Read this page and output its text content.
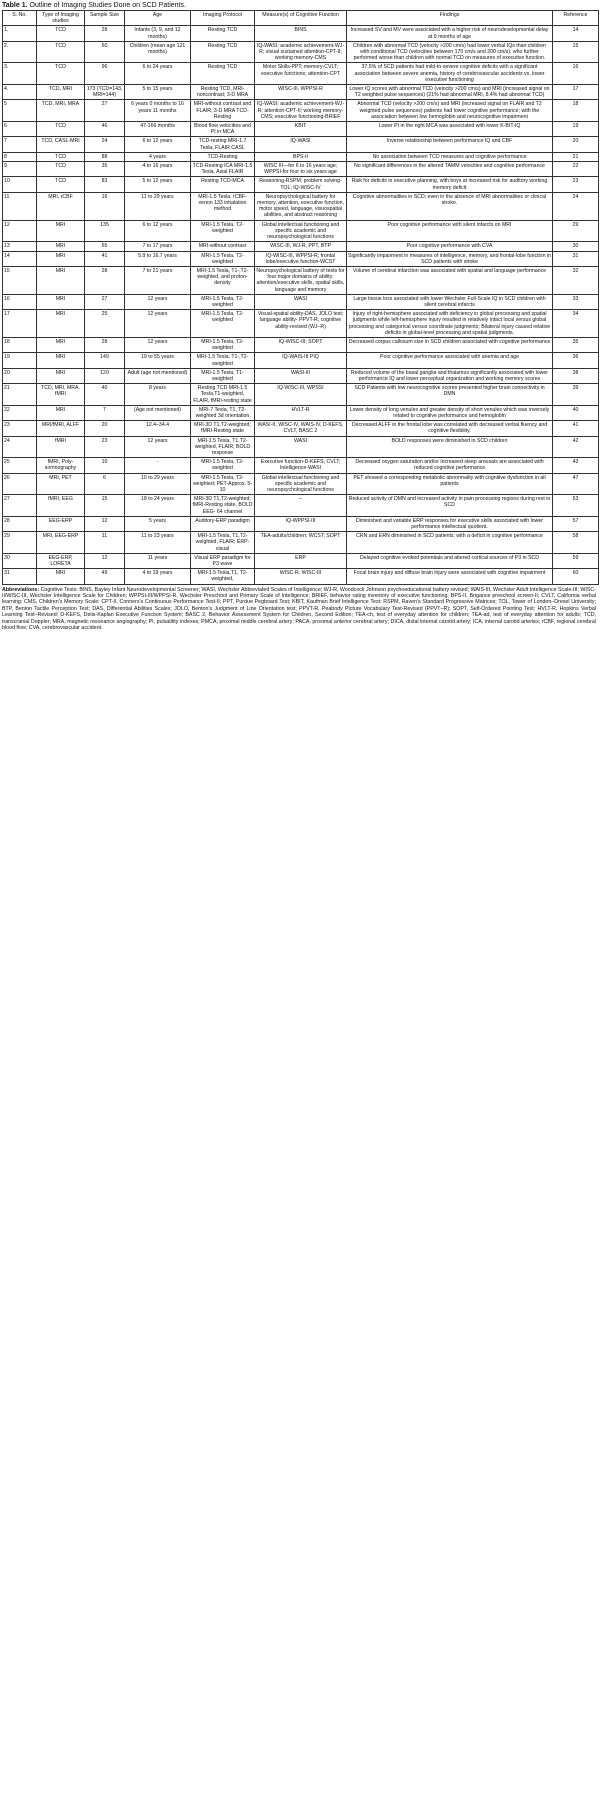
Table 1. Outline of Imaging Studies Done on SCD Patients.
S. No.	Type of Imaging studies	Sample Size	Age	Imaging Protocol	Measure(s) of Cognitive Function	Findings	Reference
1.	TCD	28	Infants (3, 9, and 12 months)	Resting TCD	BINS	Increased SV and MV were associated with a higher risk of neurodevelopmental delay at 9 months of age	14
2.	TCD	60	Children (mean age 121 months)	Resting TCD	IQ-WASI; academic achievement-WJ-R; visual sustained attention-CPT-II; working memory-CMS	Children with abnormal TCD (velocity >200 cm/s) had lower verbal IQs than children with conditional TCD (velocities between 170 cm/s and 200 cm/s), who further performed worse than children with normal TCD on measures of executive function.	15
3.	TCD	96	6 to 24 years	Resting TCD	Motor Skills-PPT; memory-CVLT; executive functions; attention-CPT	37.5% of SCD patients had mild-to-severe cognitive deficits with a significant association between severe anemia, history of cerebrovascular accidents vs. lower executive functioning	16
4.	TCD, MRI	173 (TCD=143, MRI=144)	5 to 15 years	Resting TCD, MRI-noncontrast; 3-D MRA	WISC-III, WPPSI-R	Lower IQ scores with abnormal TCD (velocity >200 cm/s) and MRI (increased signal on T2 weighted pulse sequences) (21% had abnormal MRI, 8.4% had abnormal TCD)	17
5	TCD, MRI, MRA	27	6 years 0 months to 16 years 11 months	MRI-without contrast and FLAIR, 3-D MRA TCD-Resting	IQ-WASI; academic achievement-WJ-R; attention-CPT-II; working memory-CMS; executive functioning-BRIEF	Abnormal TCD (velocity >200 cm/s) and MRI (increased signal on FLAIR and T2 weighted pulse sequences) patients had lower cognitive performance; with the association between low hemoglobin and neurocognitive impairment	18
6	TCD	46	47-166 months	Blood flow velocities and PI in MCA	KBIT	Lower PI in the right MCA was associated with lower K-BIT-IQ	19
7	TCD, CASL-MRI	24	6 to 12 years	TCD-resting MRI-1.7 Tesla, FLAIR CASL	IQ-WASI	Inverse relationship between performance IQ and CBF	20
8	TCD	88	4 years	TCD-Resting	BPS-II	No association between TCD measures and cognitive performance	21
9	TCD	35	4 to 16 years	TCD-Resting ICA MRI-1.5 Tesla, Axial FLAIR	WISC III—for 6 to 16 years age; WPPSI-for four to six years age	No significant differences in the altered TAMM velocities and cognitive performance	22
10	TCD	83	5 to 12 years	Resting TCD-MCA	Reasoning-RSPM; problem solving-TOL; IQ-WISC-IV	Risk for deficits in executive planning, with boys at increased risk for auditory working memory deficit	23
11	MRI, rCBF	16	11 to 29 years	MRI-1.5 Tesla, rCBF-xenon 133 inhalation method	Neuropsychological battery for memory, attention, executive function, motor speed, language, visuospatial abilities, and abstract reasoning	Cognitive abnormalities in SCD; even in the absence of MRI abnormalities or clinical stroke.	24
12	MRI	135	6 to 12 years	MRI-1.5 Tesla, T2-weighted	Global intellectual functioning and specific academic and neuropsychological functions	Poor cognitive performance with silent infarcts on MRI	29
13	MRI	65	7 to 17 years	MRI-without contrast	WISC-III, WJ-R, PPT, BTP	Poor cognitive performance with CVA	30
14	MRI	41	5.9 to 16.7 years	MRI-1.5 Tesla, T2-weighted	IQ-WISC-III, WPPSI-R; frontal lobe/executive function-WCST	Significantly impairment in measures of intelligence, memory, and frontal-lobe function in SCD patients with stroke	31
15	MRI	28	7 to 21 years	MRI-1.5 Tesla, T1-,T2-weighted, and proton-density	Neuropsychological battery of tests for four major domains of ability: attention/executive skills, spatial skills, language and memory	Volume of cerebral infarction was associated with spatial and language performance	32
16	MRI	27	12 years	MRI-1.5 Tesla, T2-weighted	WASI	Large tissue loss associated with lower Wechsler Full-Scale IQ in SCD children with silent cerebral infarcts	33
17	MRI	25	12 years	MRI-1.5 Tesla, T2-weighted	Visual-spatial ability-DAS, JOLO test; language ability- PPVT-R; cognitive ability-revised (WJ–R)	Injury of right-hemisphere associated with deficiency in global processing and spatial judgments while left-hemisphere injury resulted in relatively intact local versus global processing and categorical versus coordinate judgments; Bilateral injury caused relative deficits in global-level processing and spatial judgments.	34
18	MRI	28	12 years	MRI-1.5 Tesla, T2-weighted	IQ-WISC-III; SOPT	Decreased corpus callosum size in SCD children associated with cognitive performance	35
19	MRI	149	19 to 55 years	MRI-1.5 Tesla, T1-,T2-weighted	IQ-WAIS-III PIQ	Poor cognitive performance associated with anemia and age	36
20	MRI	120	Adult (age not mentioned)	MRI-1.5 Tesla, T1-weighted	WASI-III	Reduced volume of the basal ganglia and thalamus significantly associated with lower performance IQ and lower perceptual organization and working memory scores	38
21	TCD, MRI, MRA, fMRI	40	8 years	Resting TCD MRI-1.5 Tesla,T1-weighted, FLAIR, fMRI-resting state	IQ-WISC-III, WPSSI	SCD Patients with low neurocognitive scores presented higher brain connectivity in DMN	39
22	MRI	7	(Age not mentioned)	MRI-7 Tesla, T1, T2-weighted 3d orientation	HVLT-R	Lower density of long venules and greater density of short venules which was inversely related to cognitive performance and hemoglobin	40
23	MRI/fMRI, ALFF	20	12.4–34.4	MRI-3D T1,T2-weighted; fMRI-Resting state	WASI-II, WISC-IV, WAIS-IV, D-KEFS, CVLT, BASC 2	Decreased ALFF in the frontal lobe was correlated with decreased verbal fluency and cognitive flexibility.	41
24	fMRI	23	12 years	MRI-1.5 Tesla, T1,T2-weighted, FLAIR; BOLD response	WASI	BOLD responses were diminished in SCD children	42
25	fMRI, Poly-somnography	10	-	MRI-1.5 Tesla, T2-weighted	Executive function-D-KEFS, CVLT; Intelligence-WASI	Decreased oxygen saturation and/or increased sleep arousals are associated with reduced cognitive performance	43
26	MRI, PET	6	10 to 29 years	MRI-1.5 Tesla, T2-weighted; PET-Approx. 5-10	Global intellectual functioning and specific academic and neuropsychological functions	PET showed a corresponding metabolic abnormality with cognitive dysfunction in all patients	47
27	fMRI, EEG	15	18 to 24 years	MRI-3D T1,T2-weighted; fMRI-Resting state, BOLD EEG- 64 channel	–	Reduced activity of DMN and increased activity in pain processing regions during rest in SCD	53
28	EEG-ERP	12	5 years	Auditory-ERP paradigm	IQ-WPPSI-III	Diminished and variable ERP responses for executive skills associated with lower performance intellectual quotient.	57
29	MRI, EEG-ERP	11	11 to 23 years	MRI-1.5 Tesla, T1,T2-weighted, FLAIR; ERP-visual	TEA-adults/children; WCST; SOPT	CRN and ERN diminished in SCD patients; with a deficit in cognitive performance	58
30	EEG-ERP, LORETA	12	11 years	Visual ERP paradigm for P3 wave	ERP	Delayed cognitive evoked potentials and altered cortical sources of P3 in SCD	59
31	MRI	49	4 to 19 years	MRI-1.5 Tesla,T1, T2-weighted,	WISC-R, WISC-III	Focal brain injury and diffuse brain injury were associated with cognitive impairment	60
Abbreviations: Cognitive Tests: BINS, Bayley Infant Neurodevelopmental Screener; WASI, Wechsler Abbreviated Scales of Intelligence; WJ-R, Woodcock Johnson psychoeducational battery revised; WAIS-III, Wechsler Adult Intelligence Scale-III; WISC-II/WISC-III, Wechsler Intelligence Scale for Children; WPPSI-III/WPPSI-R, Wechsler Preschool and Primary Scale of Intelligence; BRIEF, behavior rating inventory of executive functioning; BPS-II, Brigance preschool screen-II; CVLT, California verbal learning; CMS, Children's Memory Scale; CPT-II, Conners's Continuous Performance Test-II; PPT, Purdue Pegboard Test; KBIT, Kaufman Brief Intelligence Test; RSPM, Raven's Standard Progressive Matrices; TOL, Tower of London–Drexel University; BTP, Benton Tactile Perception Test; DAS, Differential Abilities Scales; JOLO, Benton's Judgment of Line Orientation test; PPVT-R, Peabody Picture Vocabulary Test-Revised (PPVT–R); SOPT, Self-Ordered Pointing Test; HVLT-R, Hopkins Verbal Learning Test–Revised; D-KEFS, Delis-Kaplan Executive Function System; BASC 2, Behavior Assessment System for Children, Second Edition; TEA-ch, test of everyday attention for children; TEA-ad, test of everyday attention for adults; TCD, transcranial Doppler; MRA, magnetic resonance angiography; PI, pulsatility indexes; PMCA, proximal middle cerebral artery; PACA, proximal anterior cerebral artery; DICA, distal internal carotid artery; ICA, internal carotid arteries; rCBF, regional cerebral blood flow; CVA, cerebrovascular accident.
